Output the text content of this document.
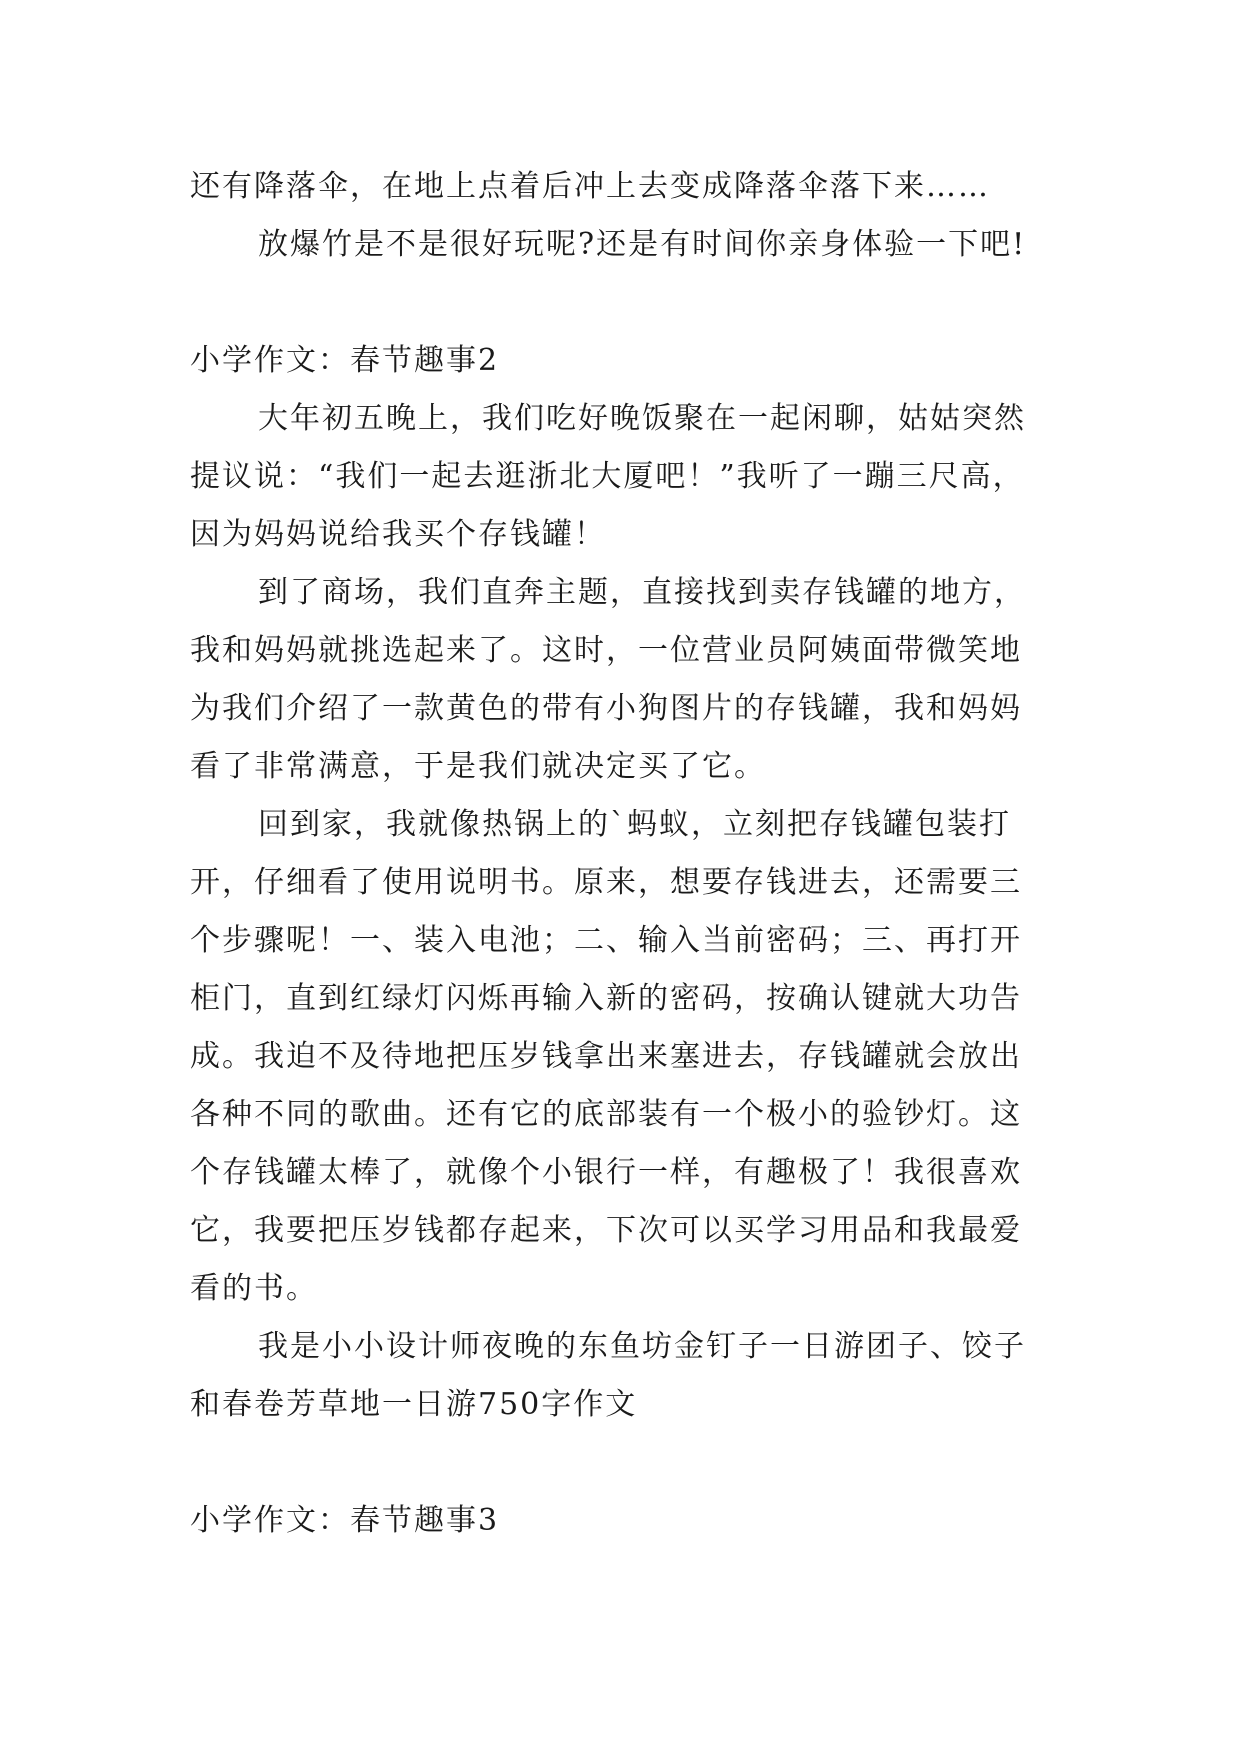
还有降落伞，在地上点着后冲上去变成降落伞落下来……
放爆竹是不是很好玩呢?还是有时间你亲身体验一下吧!
小学作文：春节趣事2
大年初五晚上，我们吃好晚饭聚在一起闲聊，姑姑突然
提议说：“我们一起去逛浙北大厦吧！”我听了一蹦三尺高，
因为妈妈说给我买个存钱罐！
到了商场，我们直奔主题，直接找到卖存钱罐的地方，
我和妈妈就挑选起来了。这时，一位营业员阿姨面带微笑地
为我们介绍了一款黄色的带有小狗图片的存钱罐，我和妈妈
看了非常满意，于是我们就决定买了它。
回到家，我就像热锅上的`蚂蚁，立刻把存钱罐包装打
开，仔细看了使用说明书。原来，想要存钱进去，还需要三
个步骤呢！一、装入电池；二、输入当前密码；三、再打开
柜门，直到红绿灯闪烁再输入新的密码，按确认键就大功告
成。我迫不及待地把压岁钱拿出来塞进去，存钱罐就会放出
各种不同的歌曲。还有它的底部装有一个极小的验钞灯。这
个存钱罐太棒了，就像个小银行一样，有趣极了！我很喜欢
它，我要把压岁钱都存起来，下次可以买学习用品和我最爱
看的书。
我是小小设计师夜晚的东鱼坊金钉子一日游团子、饺子
和春卷芳草地一日游750字作文
小学作文：春节趣事3
